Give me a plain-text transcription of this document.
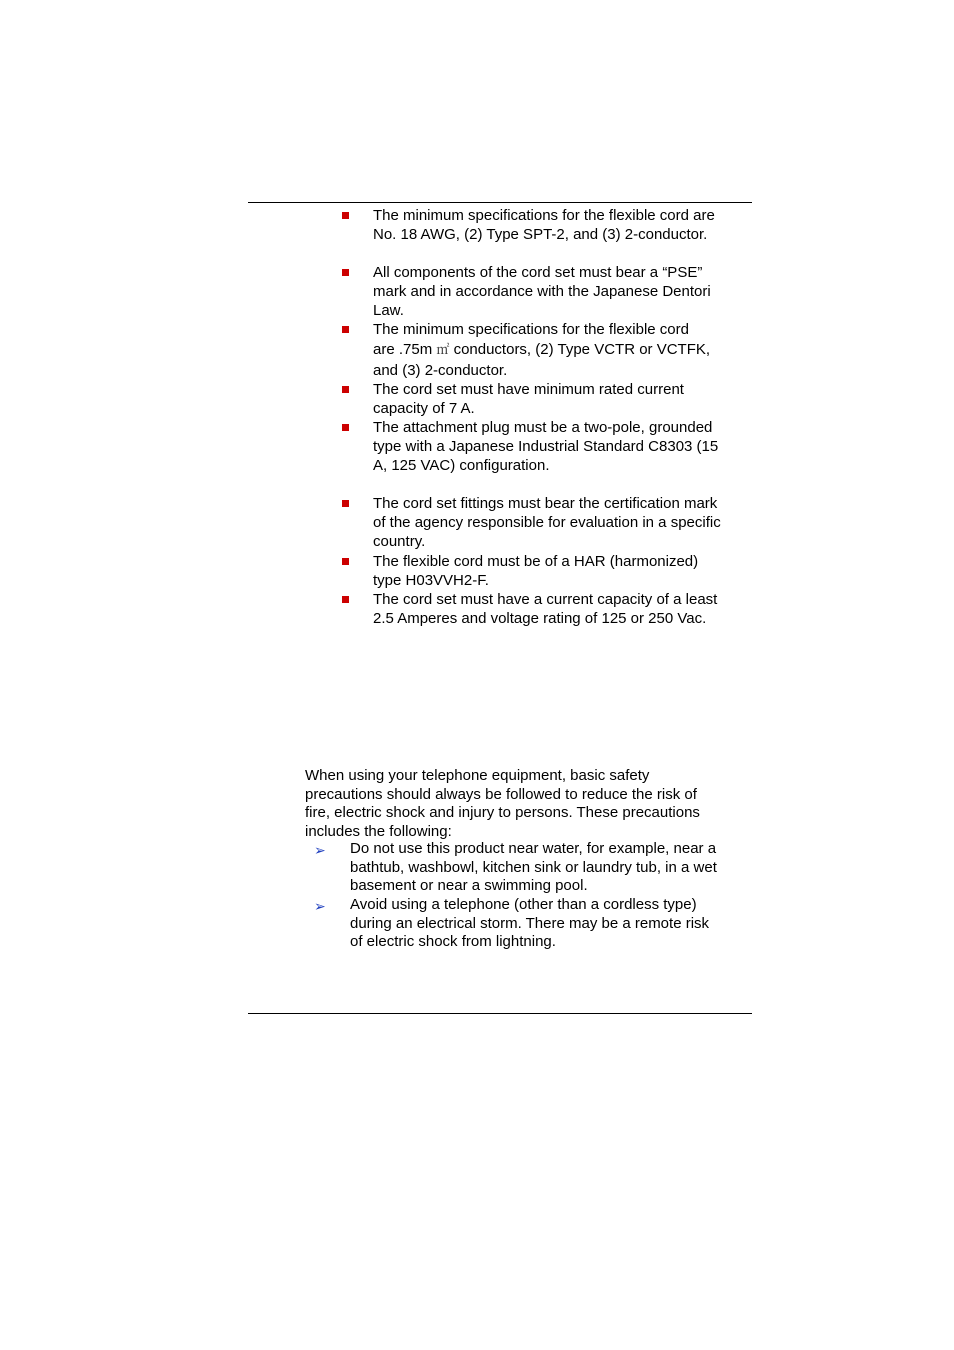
The minimum specifications for the flexible cord are
No. 18 AWG, (2) Type SPT-2, and (3) 2-conductor.
All components of the cord set must bear a “PSE”
mark and in accordance with the Japanese Dentori
Law.
The minimum specifications for the flexible cord
are .75m ㎡ conductors, (2) Type VCTR or VCTFK,
and (3) 2-conductor.
The cord set must have minimum rated current
capacity of 7 A.
The attachment plug must be a two-pole, grounded
type with a Japanese Industrial Standard C8303 (15
A, 125 VAC) configuration.
The cord set fittings must bear the certification mark
of the agency responsible for evaluation in a specific
country.
The flexible cord must be of a HAR (harmonized)
type H03VVH2-F.
The cord set must have a current capacity of a least
2.5 Amperes and voltage rating of 125 or 250 Vac.
When using your telephone equipment, basic safety
precautions should always be followed to reduce the risk of
fire, electric shock and injury to persons. These precautions
includes the following:
➢ Do not use this product near water, for example, near a
bathtub, washbowl, kitchen sink or laundry tub, in a wet
basement or near a swimming pool.
➢ Avoid using a telephone (other than a cordless type)
during an electrical storm. There may be a remote risk
of electric shock from lightning.
